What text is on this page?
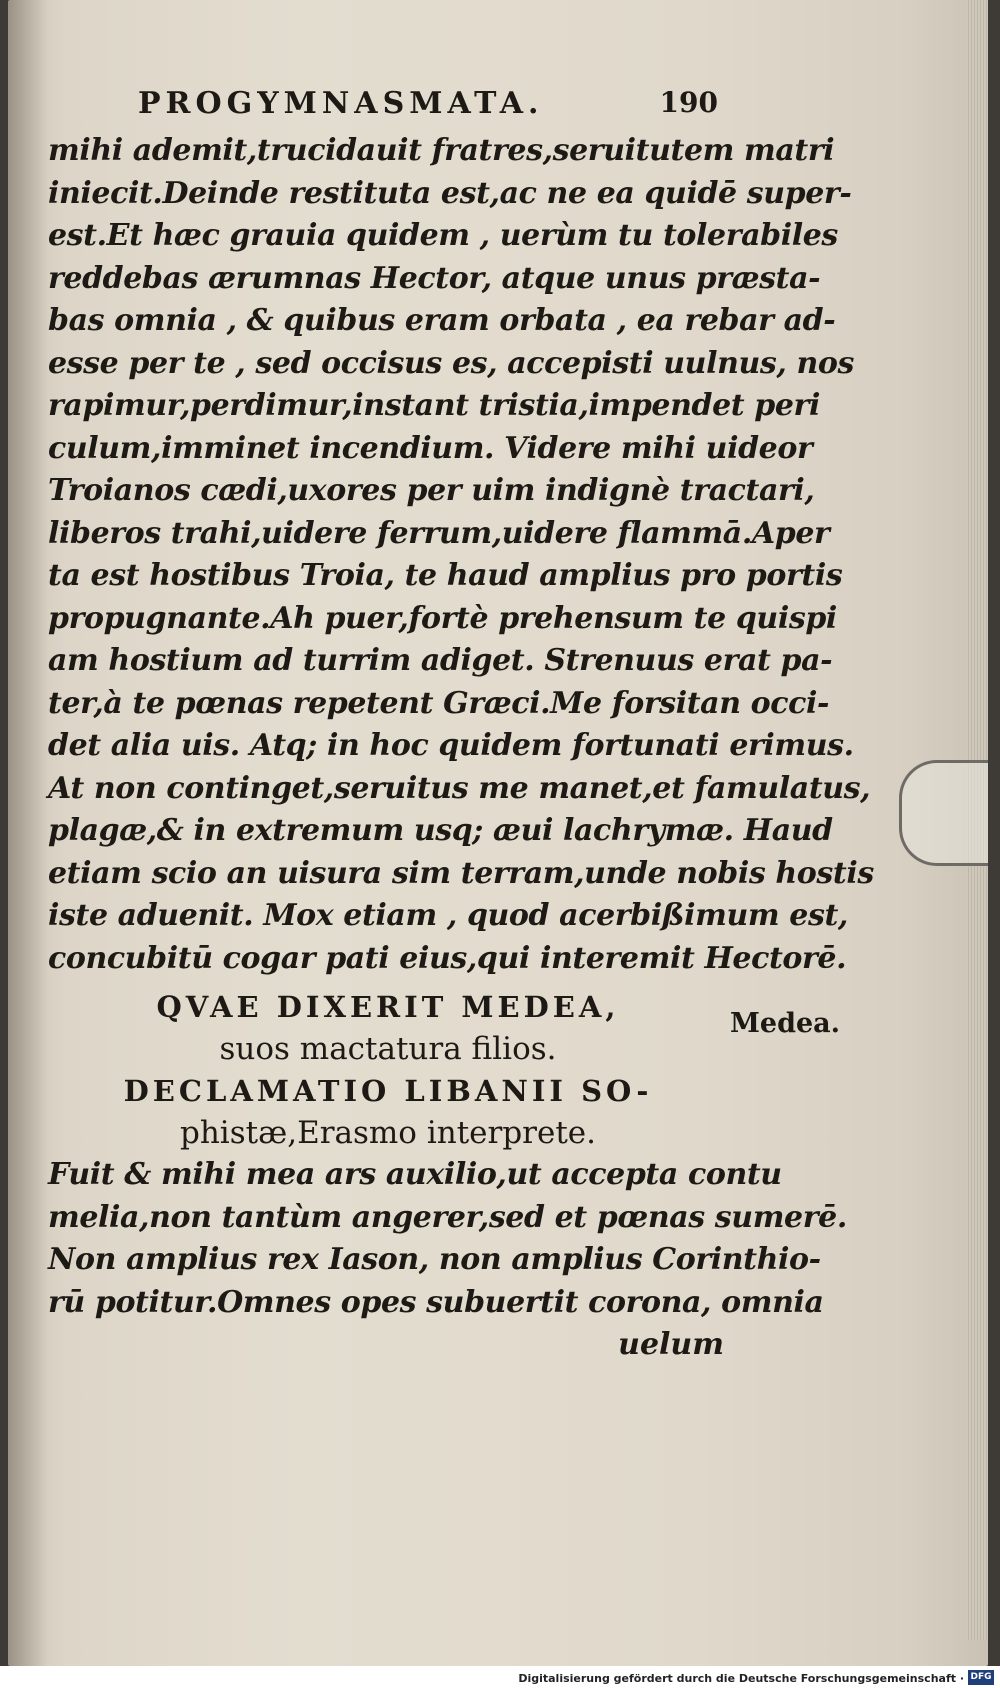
PROGYMNASMATA.	190
mihi ademit,trucidauit fratres,seruitutem matri
iniecit.Deinde restituta est,ac ne ea quidē super-
est.Et hæc grauia quidem , uerùm tu tolerabiles
reddebas ærumnas Hector, atque unus præsta-
bas omnia , & quibus eram orbata , ea rebar ad-
esse per te , sed occisus es, accepisti uulnus, nos
rapimur,perdimur,instant tristia,impendet peri
culum,imminet incendium. Videre mihi uideor
Troianos cædi,uxores per uim indignè tractari,
liberos trahi,uidere ferrum,uidere flammā.Aper
ta est hostibus Troia, te haud amplius pro portis
propugnante.Ah puer,fortè prehensum te quispi
am hostium ad turrim adiget. Strenuus erat pa-
ter,à te pœnas repetent Græci.Me forsitan occi-
det alia uis. Atq; in hoc quidem fortunati erimus.
At non continget,seruitus me manet,et famulatus,
plagæ,& in extremum usq; æui lachrymæ. Haud
etiam scio an uisura sim terram,unde nobis hostis
iste aduenit. Mox etiam , quod acerbißimum est,
concubitū cogar pati eius,qui interemit Hectorē.
QVAE DIXERIT MEDEA,
suos mactatura filios.
DECLAMATIO LIBANII SO-
phistæ,Erasmo interprete.
Fuit & mihi mea ars auxilio,ut accepta contu
melia,non tantùm angerer,sed et pœnas sumerē.
Non amplius rex Iason, non amplius Corinthio-
rū potitur.Omnes opes subuertit corona, omnia
uelum
Medea.
Digitalisierung gefördert durch die Deutsche Forschungsgemeinschaft · DFG
